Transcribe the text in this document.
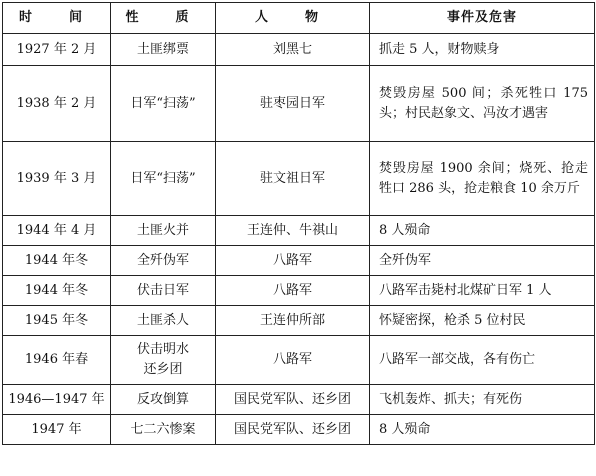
时　间	性　质	人　物	事件及危害
1927 年 2 月	土匪绑票	刘黑七	抓走 5 人，财物赎身
1938 年 2 月	日军“扫荡”	驻枣园日军	焚毁房屋 500 间；杀死牲口 175 头；村民赵象文、冯汝才遇害
1939 年 3 月	日军“扫荡”	驻文祖日军	焚毁房屋 1900 余间；烧死、抢走牲口 286 头，抢走粮食 10 余万斤
1944 年 4 月	土匪火并	王连仲、牛祺山	8 人殒命
1944 年冬	全歼伪军	八路军	全歼伪军
1944 年冬	伏击日军	八路军	八路军击毙村北煤矿日军 1 人
1945 年冬	土匪杀人	王连仲所部	怀疑密探，枪杀 5 位村民
1946 年春	伏击明水还乡团	八路军	八路军一部交战，各有伤亡
1946—1947 年	反攻倒算	国民党军队、还乡团	飞机轰炸、抓夫；有死伤
1947 年	七二六惨案	国民党军队、还乡团	8 人殒命
